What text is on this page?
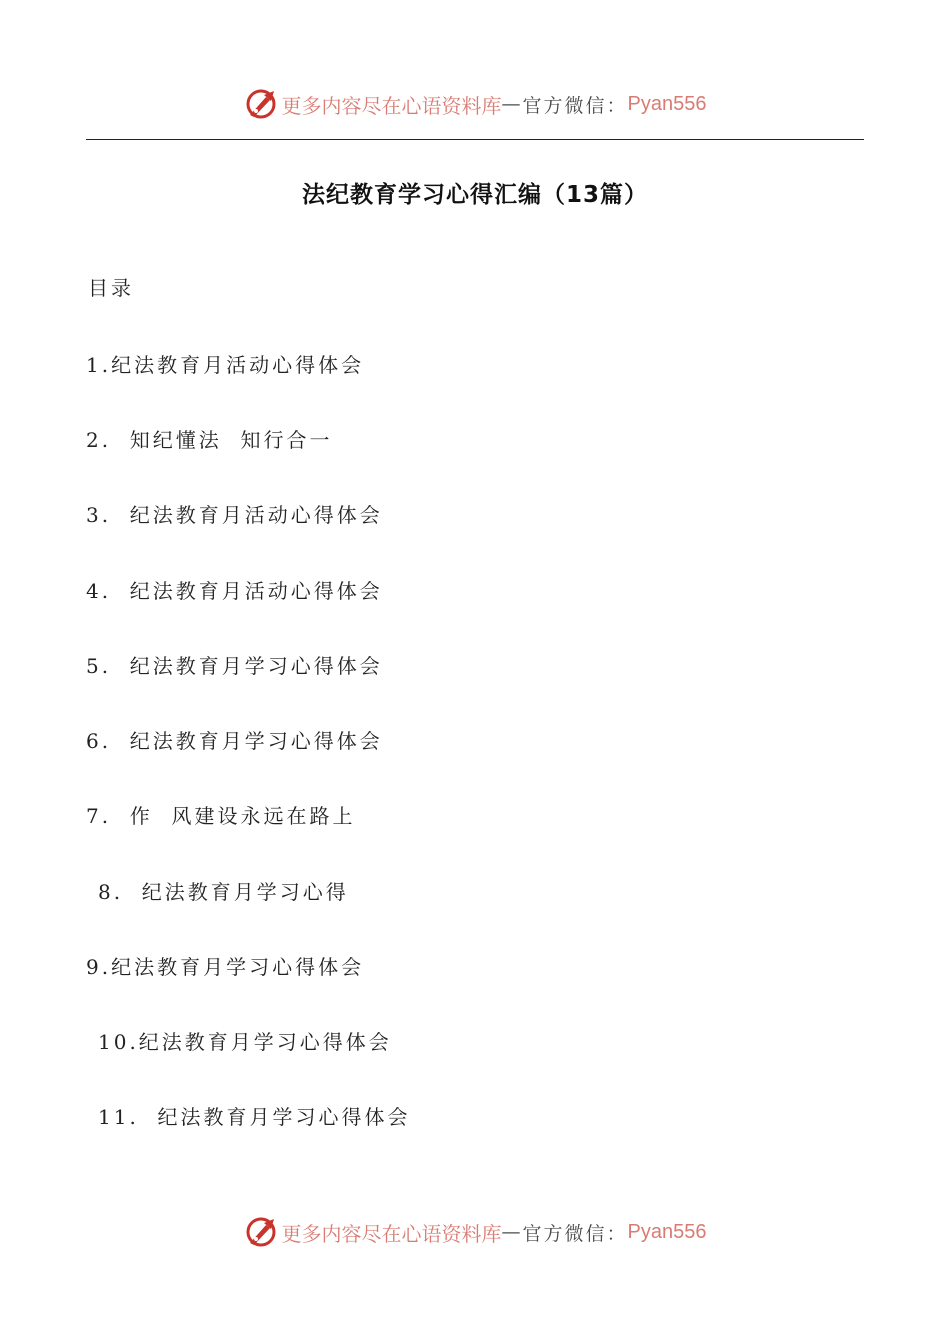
更多内容尽在心语资料库 — 官方微信： Pyan556
法纪教育学习心得汇编（13篇）
目录
1.纪法教育月活动心得体会
2.  知纪懂法  知行合一
3.  纪法教育月活动心得体会
4.  纪法教育月活动心得体会
5.  纪法教育月学习心得体会
6.  纪法教育月学习心得体会
7.  作  风建设永远在路上
8.  纪法教育月学习心得
9.纪法教育月学习心得体会
10.纪法教育月学习心得体会
11.  纪法教育月学习心得体会
更多内容尽在心语资料库 — 官方微信： Pyan556
